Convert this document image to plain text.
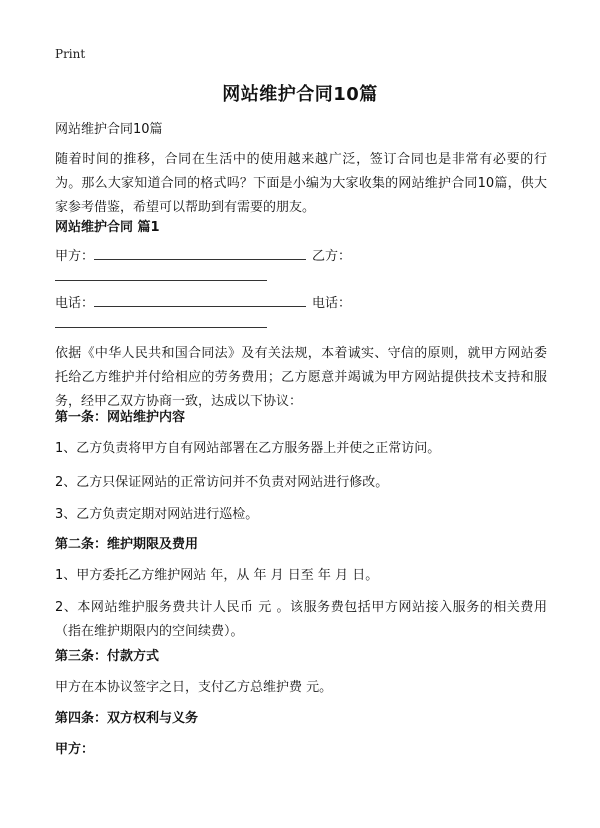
Print
网站维护合同10篇
网站维护合同10篇
随着时间的推移，合同在生活中的使用越来越广泛，签订合同也是非常有必要的行为。那么大家知道合同的格式吗？下面是小编为大家收集的网站维护合同10篇，供大家参考借鉴，希望可以帮助到有需要的朋友。
网站维护合同 篇1
甲方：	乙方：
电话：	电话：
依据《中华人民共和国合同法》及有关法规，本着诚实、守信的原则，就甲方网站委托给乙方维护并付给相应的劳务费用；乙方愿意并竭诚为甲方网站提供技术支持和服务，经甲乙双方协商一致，达成以下协议：
第一条：网站维护内容
1、乙方负责将甲方自有网站部署在乙方服务器上并使之正常访问。
2、乙方只保证网站的正常访问并不负责对网站进行修改。
3、乙方负责定期对网站进行巡检。
第二条：维护期限及费用
1、甲方委托乙方维护网站 年，从 年 月 日至 年 月 日。
2、本网站维护服务费共计人民币 元 。该服务费包括甲方网站接入服务的相关费用（指在维护期限内的空间续费）。
第三条：付款方式
甲方在本协议签字之日，支付乙方总维护费 元。
第四条：双方权利与义务
甲方：
